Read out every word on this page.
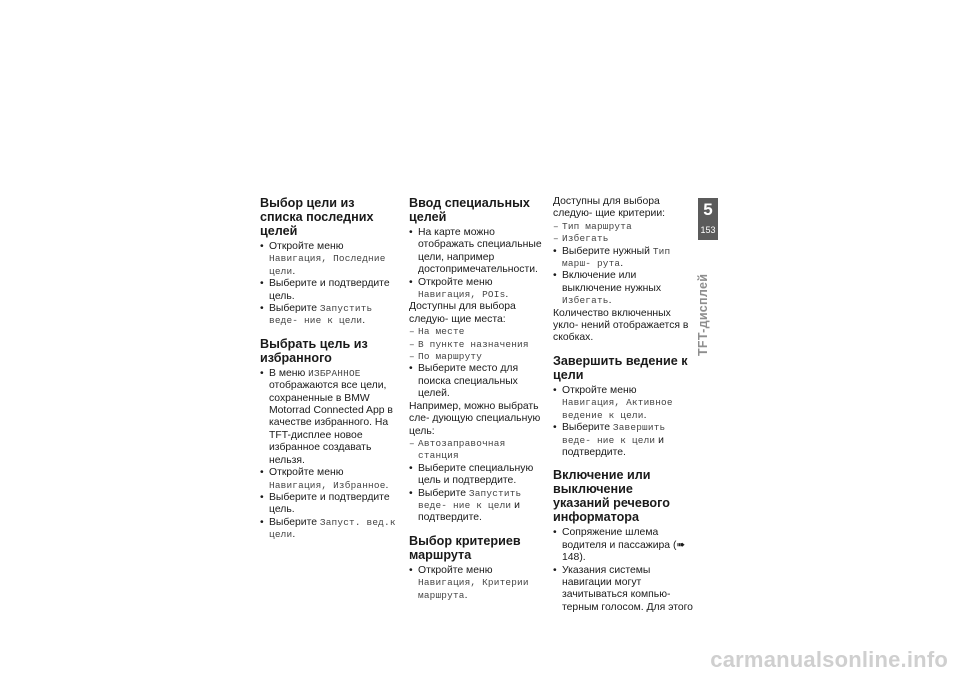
Выбор цели из списка последних целей
• Откройте меню Навигация, Последние цели.
• Выберите и подтвердите цель.
• Выберите Запустить веде- ние к цели.
Выбрать цель из избранного
• В меню ИЗБРАННОЕ отображаются все цели, сохраненные в BMW Motorrad Connected App в качестве избранного. На TFT-дисплее новое избранное создавать нельзя.
• Откройте меню Навигация, Избранное.
• Выберите и подтвердите цель.
• Выберите Запуст. вед.к цели.
Ввод специальных целей
• На карте можно отображать специальные цели, например достопримечательности.
• Откройте меню Навигация, POIs.

Доступны для выбора следую- щие места:

– На месте
– В пункте назначения
– По маршруту
• Выберите место для поиска специальных целей.

Например, можно выбрать сле- дующую специальную цель:

– Автозаправочная станция
• Выберите специальную цель и подтвердите.
• Выберите Запустить веде- ние к цели и подтвердите.
Выбор критериев маршрута
• Откройте меню Навигация, Критерии маршрута.

Доступны для выбора следую- щие критерии:

– Тип маршрута
– Избегать
• Выберите нужный Тип марш- рута.
• Включение или выключение нужных Избегать.

Количество включенных укло- нений отображается в скобках.

Завершить ведение к цели
• Откройте меню Навигация, Активное ведение к цели.
• Выберите Завершить веде- ние к цели и подтвердите.
Включение или выключение указаний речевого информатора
• Сопряжение шлема водителя и пассажира (➠ 148).
• Указания системы навигации могут зачитываться компью- терным голосом. Для этого
5
153
TFT-дисплей
carmanualsonline.info
